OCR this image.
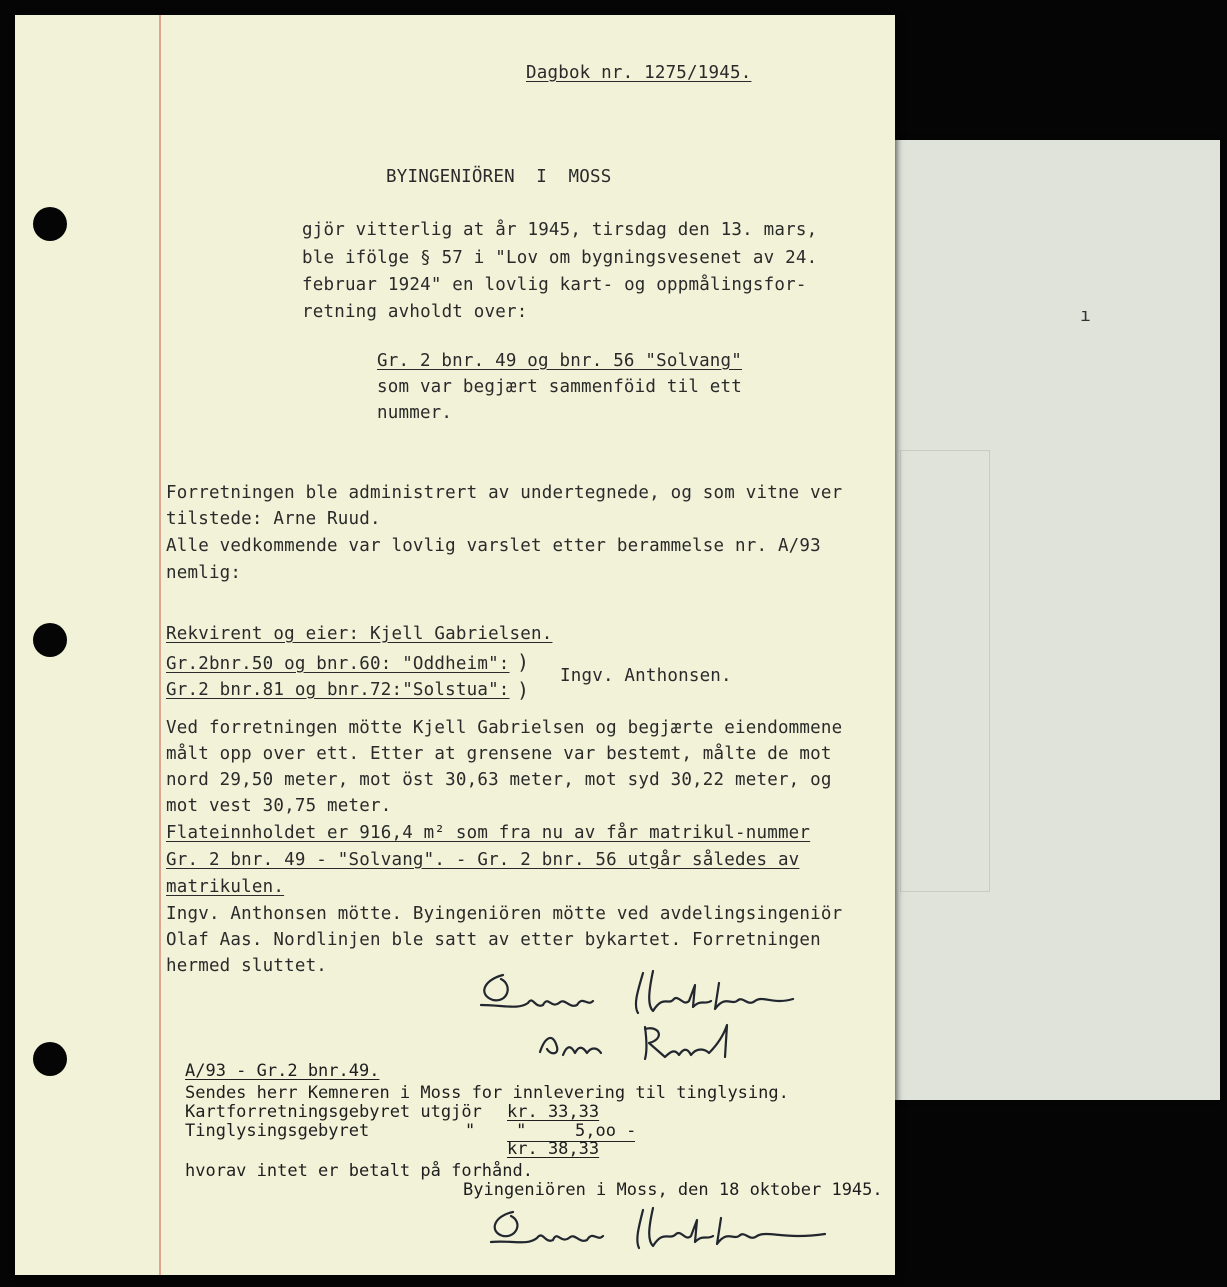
ı
Dagbok nr. 1275/1945.
BYINGENIÖREN  I  MOSS
gjör vitterlig at år 1945, tirsdag den 13. mars,
ble ifölge § 57 i "Lov om bygningsvesenet av 24.
februar 1924" en lovlig kart- og oppmålingsfor-
retning avholdt over:
Gr. 2 bnr. 49 og bnr. 56 "Solvang"
som var begjært sammenföid til ett
nummer.
Forretningen ble administrert av undertegnede, og som vitne ver
tilstede: Arne Ruud.
Alle vedkommende var lovlig varslet etter berammelse nr. A/93
nemlig:
Rekvirent og eier: Kjell Gabrielsen.
Gr.2bnr.50 og bnr.60: "Oddheim": )
Gr.2 bnr.81 og bnr.72:"Solstua": )
Ingv. Anthonsen.
Ved forretningen mötte Kjell Gabrielsen og begjærte eiendommene
målt opp over ett. Etter at grensene var bestemt, målte de mot
nord 29,50 meter, mot öst 30,63 meter, mot syd 30,22 meter, og
mot vest 30,75 meter.
Flateinnholdet er 916,4 m² som fra nu av får matrikul-nummer
Gr. 2 bnr. 49 - "Solvang". - Gr. 2 bnr. 56 utgår således av
matrikulen.
Ingv. Anthonsen mötte. Byingeniören mötte ved avdelingsingeniör
Olaf Aas. Nordlinjen ble satt av etter bykartet. Forretningen
hermed sluttet.
A/93 - Gr.2 bnr.49.
Sendes herr Kemneren i Moss for innlevering til tinglysing.
Kartforretningsgebyret utgjör kr. 33,33
Tinglysingsgebyret	"    "	5,oo -
kr. 38,33
hvorav intet er betalt på forhånd.
Byingeniören i Moss, den 18 oktober 1945.
